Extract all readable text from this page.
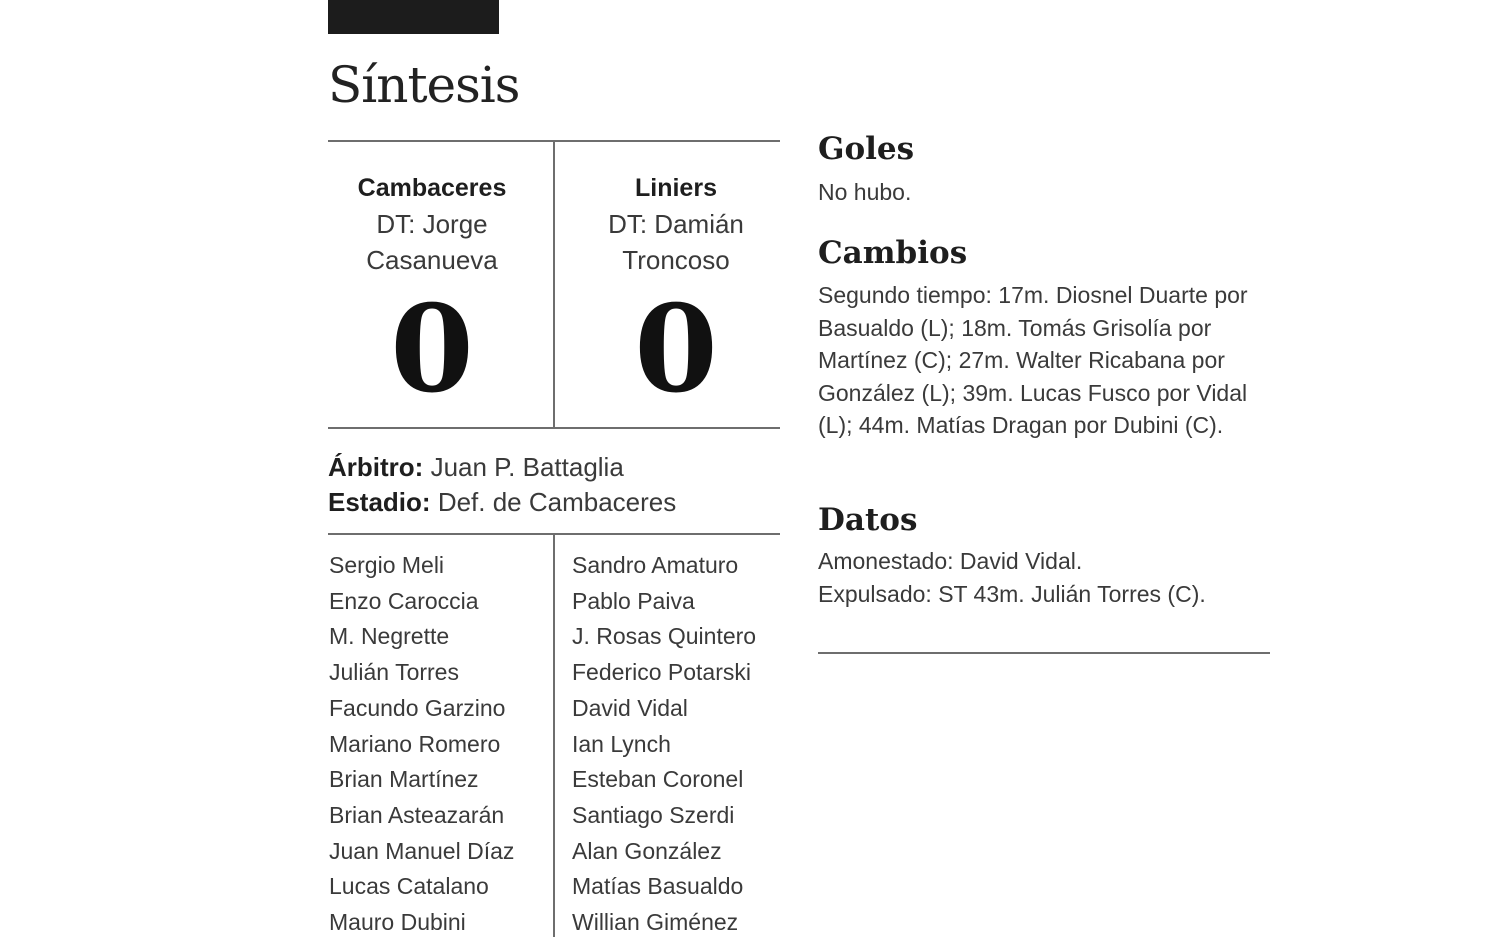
Síntesis
Cambaceres
DT: Jorge
Casanueva
Liniers
DT: Damián
Troncoso
0	0
Árbitro: Juan P. Battaglia
Estadio: Def. de Cambaceres
Sergio Meli
Enzo Caroccia
M. Negrette
Julián Torres
Facundo Garzino
Mariano Romero
Brian Martínez
Brian Asteazarán
Juan Manuel Díaz
Lucas Catalano
Mauro Dubini
Sandro Amaturo
Pablo Paiva
J. Rosas Quintero
Federico Potarski
David Vidal
Ian Lynch
Esteban Coronel
Santiago Szerdi
Alan González
Matías Basualdo
Willian Giménez
Goles

No hubo.

Cambios

Segundo tiempo: 17m. Diosnel Duarte por Basualdo (L); 18m. Tomás Grisolía por Martínez (C); 27m. Walter Ricabana por González (L); 39m. Lucas Fusco por Vidal (L); 44m. Matías Dragan por Dubini (C).

Datos

Amonestado: David Vidal.

Expulsado: ST 43m. Julián Torres (C).
